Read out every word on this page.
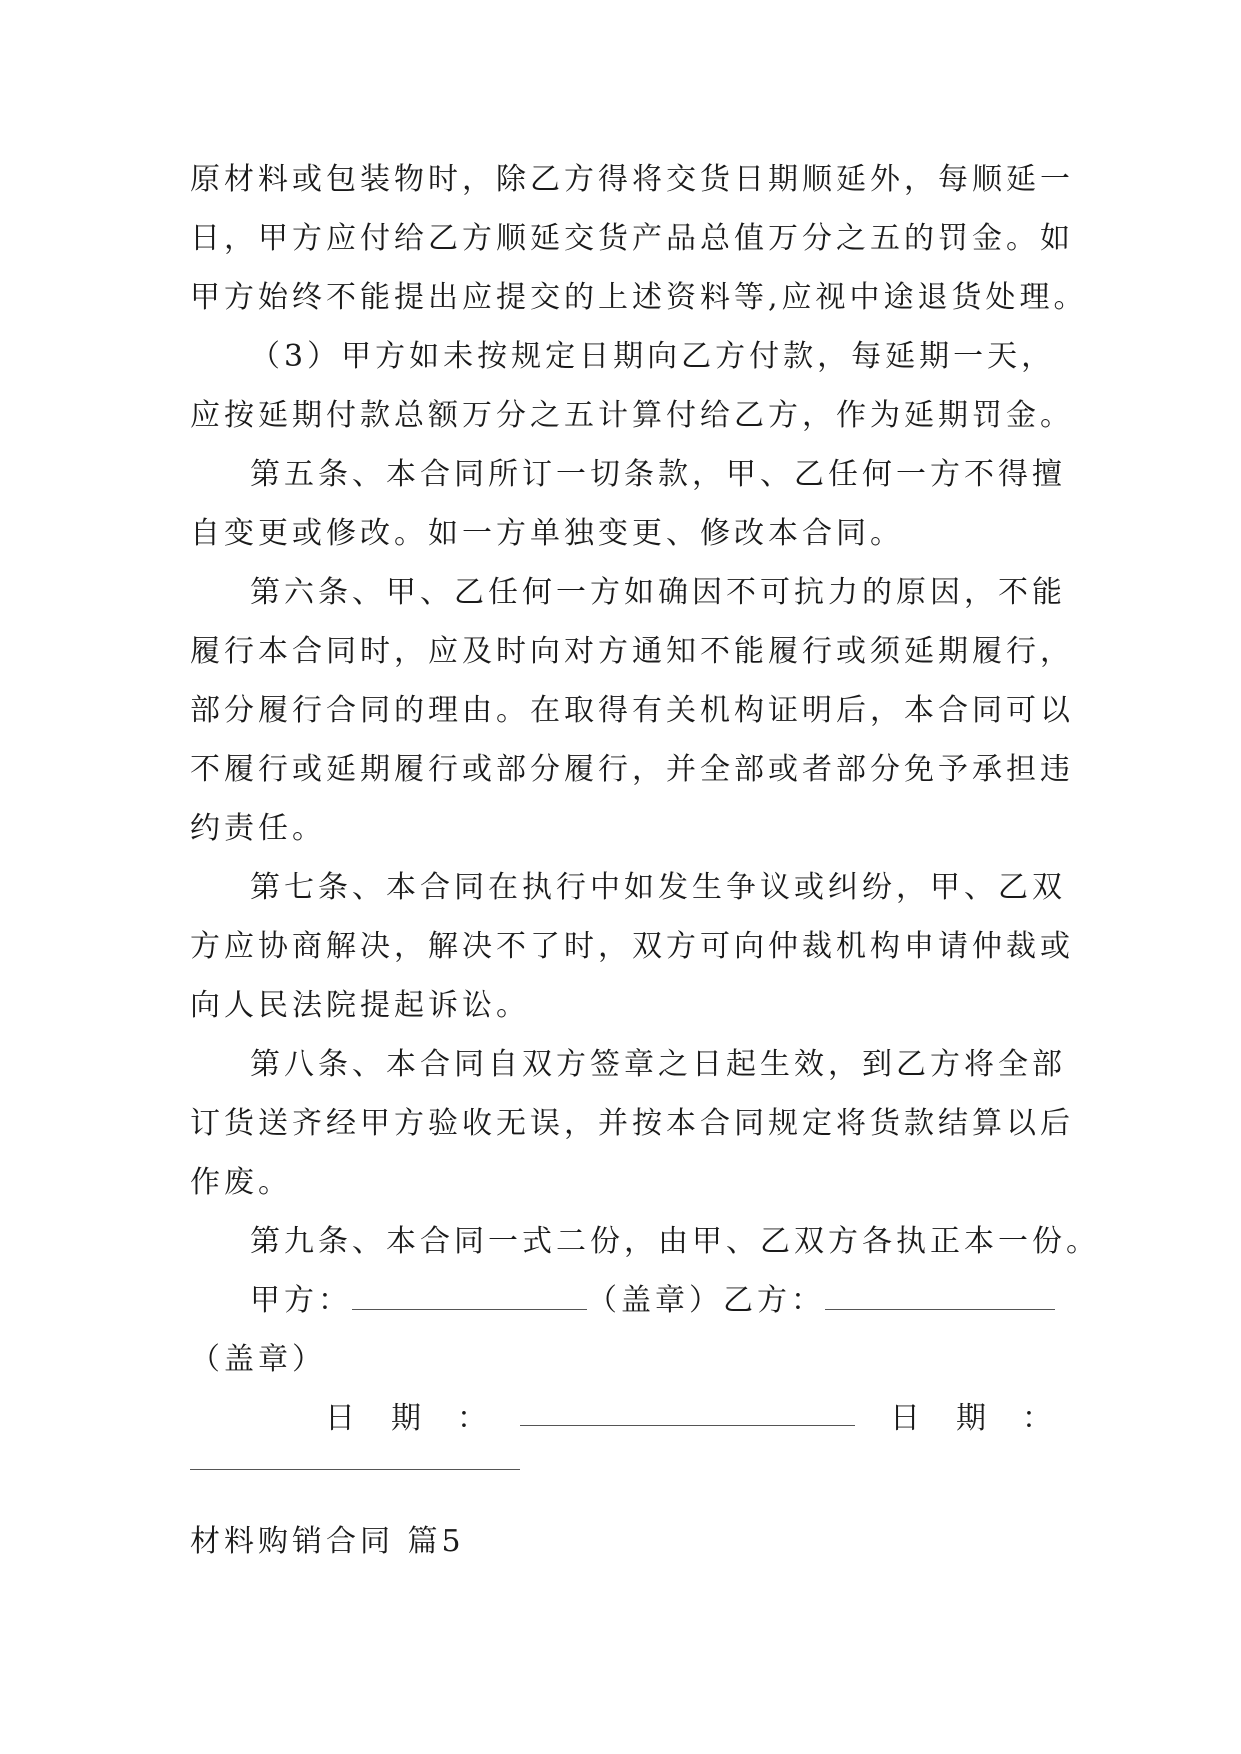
原材料或包装物时，除乙方得将交货日期顺延外，每顺延一
日，甲方应付给乙方顺延交货产品总值万分之五的罚金。如
甲方始终不能提出应提交的上述资料等,应视中途退货处理。
（3）甲方如未按规定日期向乙方付款，每延期一天，
应按延期付款总额万分之五计算付给乙方，作为延期罚金。
第五条、本合同所订一切条款，甲、乙任何一方不得擅
自变更或修改。如一方单独变更、修改本合同。
第六条、甲、乙任何一方如确因不可抗力的原因，不能
履行本合同时，应及时向对方通知不能履行或须延期履行，
部分履行合同的理由。在取得有关机构证明后，本合同可以
不履行或延期履行或部分履行，并全部或者部分免予承担违
约责任。
第七条、本合同在执行中如发生争议或纠纷，甲、乙双
方应协商解决，解决不了时，双方可向仲裁机构申请仲裁或
向人民法院提起诉讼。
第八条、本合同自双方签章之日起生效，到乙方将全部
订货送齐经甲方验收无误，并按本合同规定将货款结算以后
作废。
第九条、本合同一式二份，由甲、乙双方各执正本一份。
甲方：	（盖章）乙方：
（盖章）
日期：	日期：
材料购销合同 篇5
